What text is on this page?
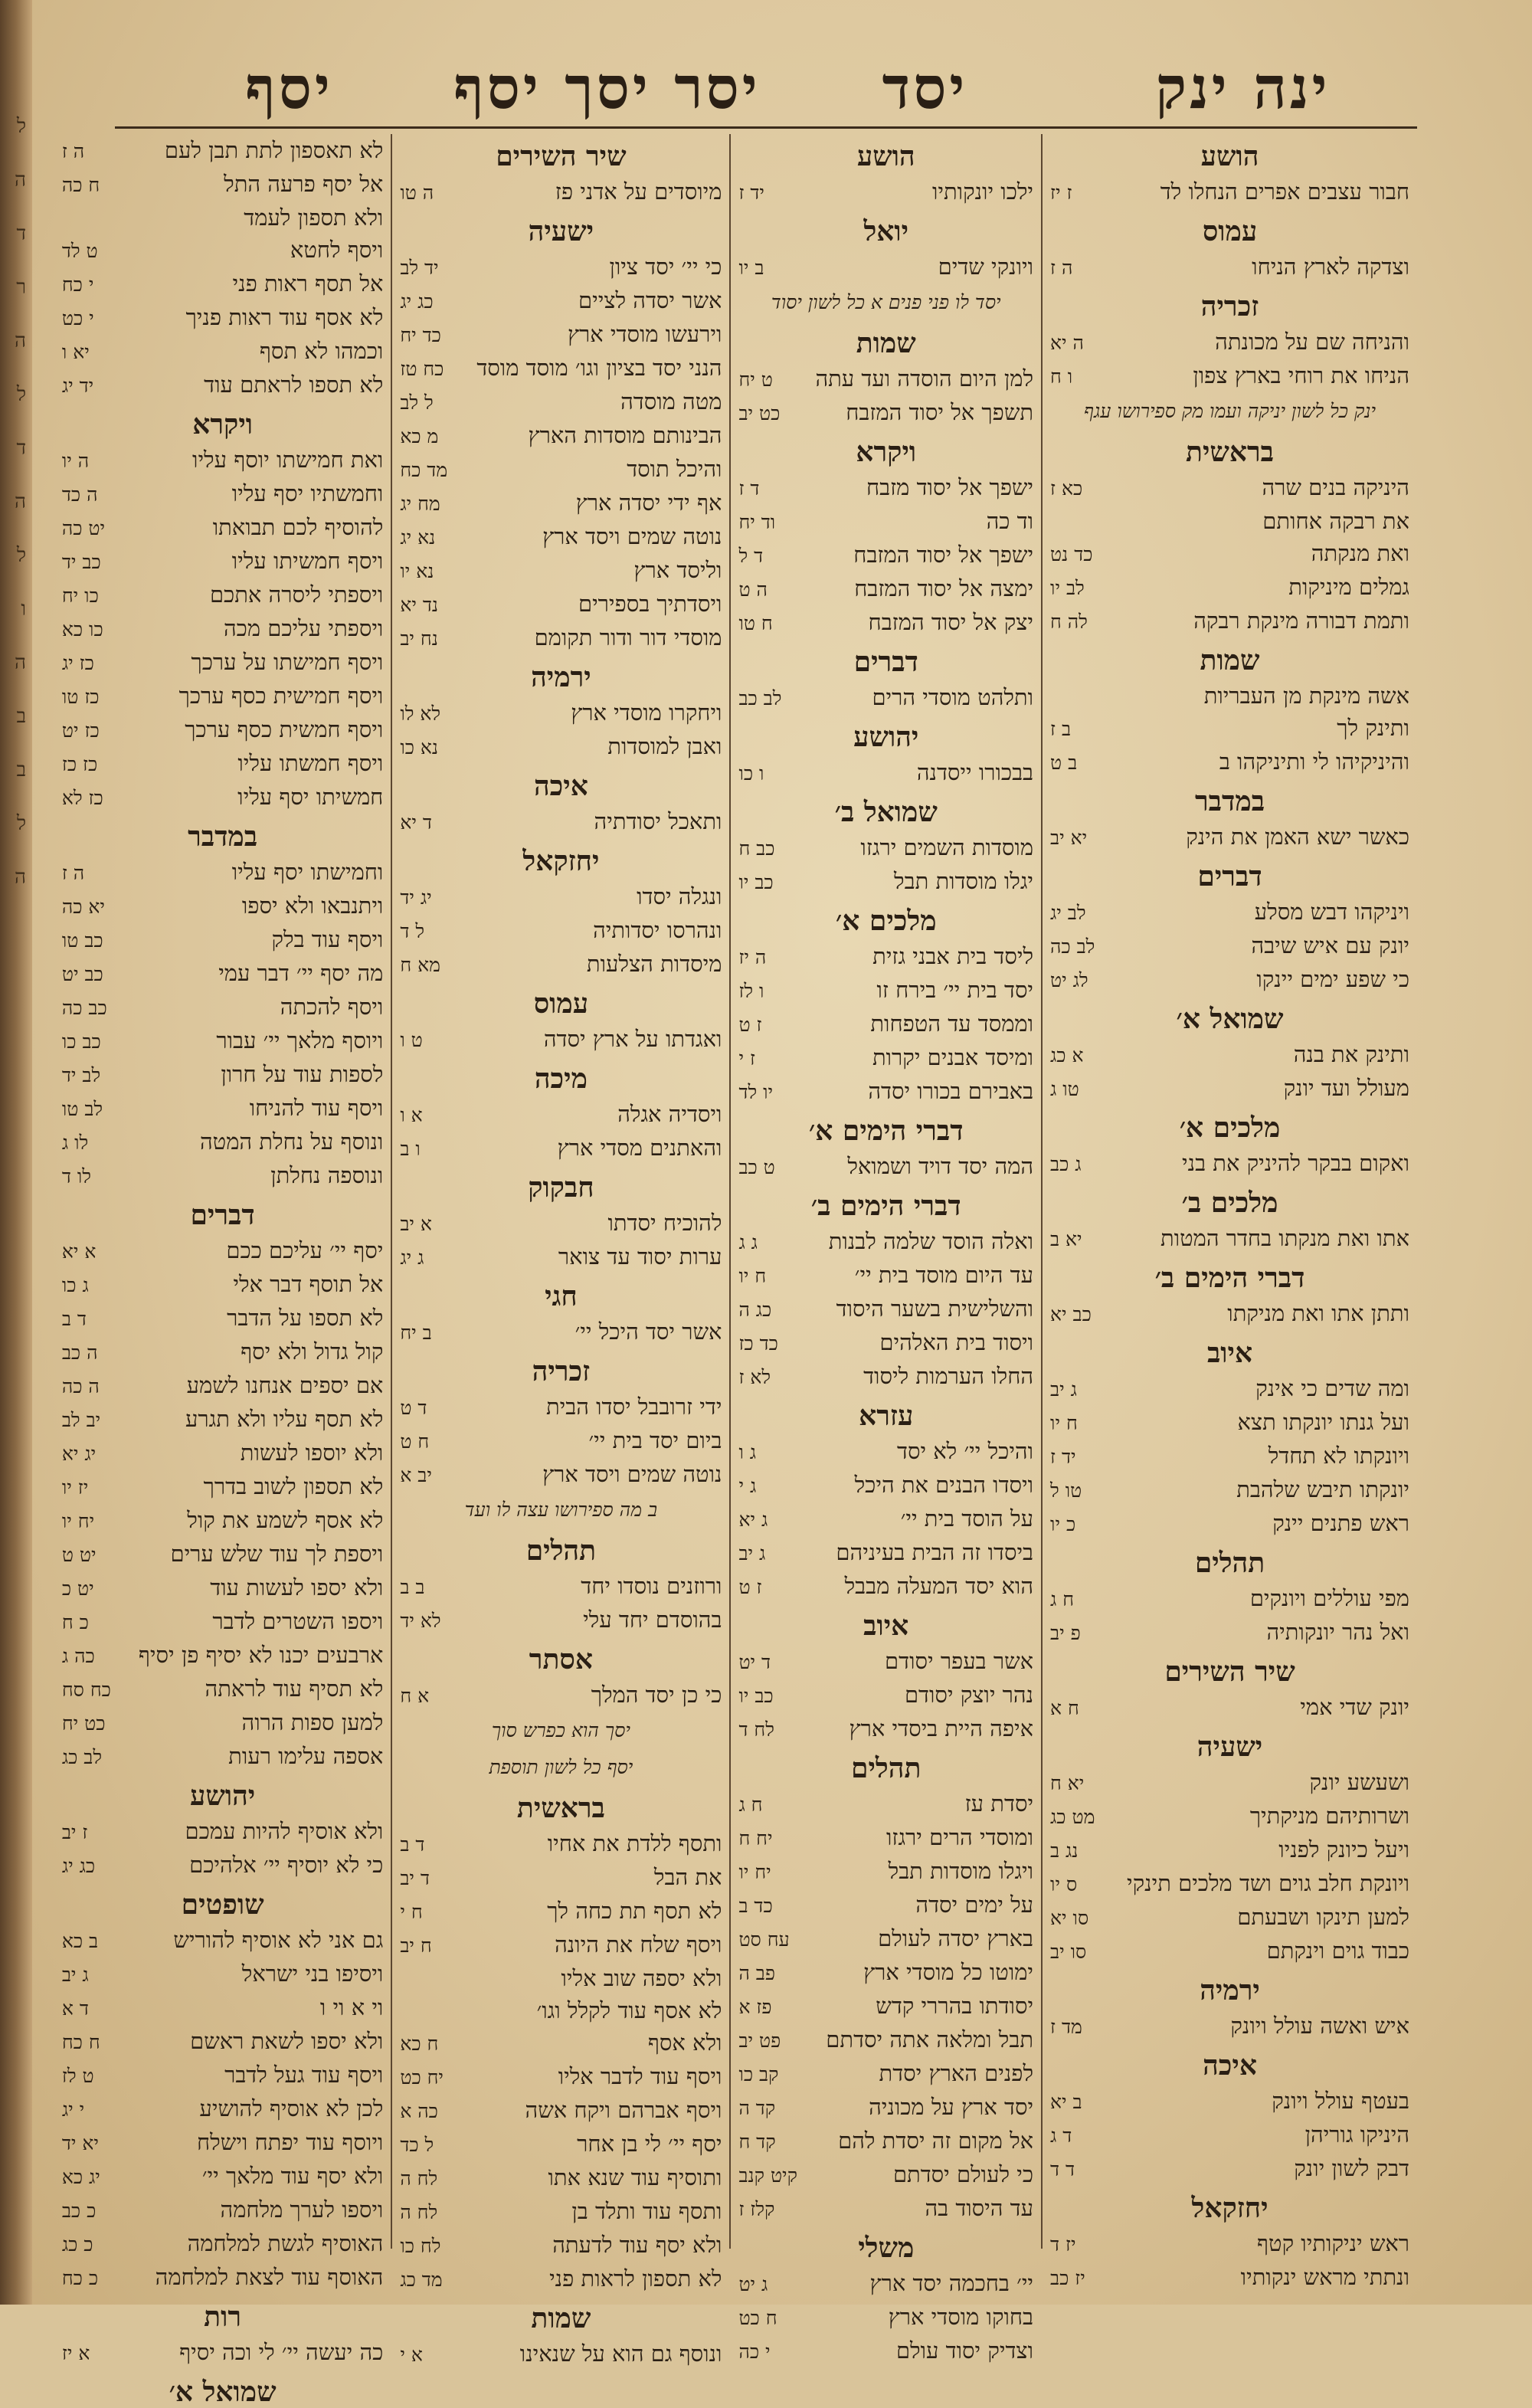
ל
ה
ד
ר
ה
ל
ד
ה
ל
ו
ה
ב
ב
ל
ה
ינה ינק
יסד
יסר יסך יסף
יסף
הושע
חבור עצבים אפרים הנחלו לד
ז יז
עמוס
וצדקה לארץ הניחו
ה ז
זכריה
והניחה שם על מכונתה
ה יא
הניחו את רוחי בארץ צפון
ו ח
ינק כל לשון יניקה ועמו מק ספירושו עגף
בראשית
היניקה בנים שרה
כא ז
את רבקה אחותם
ואת מנקתה
כד נט
גמלים מיניקות
לב יו
ותמת דבורה מינקת רבקה
לה ח
שמות
אשה מינקת מן העבריות
ותינק לך
ב ז
והיניקיהו לי ותיניקהו ב
ב ט
במדבר
כאשר ישא האמן את הינק
יא יב
דברים
ויניקהו דבש מסלע
לב יג
יונק עם איש שיבה
לב כה
כי שפע ימים יינקו
לג יט
שמואל א׳
ותינק את בנה
א כג
מעולל ועד יונק
טו ג
מלכים א׳
ואקום בבקר להיניק את בני
ג כב
מלכים ב׳
אתו ואת מנקתו בחדר המטות
יא ב
דברי הימים ב׳
ותתן אתו ואת מניקתו
כב יא
איוב
ומה שדים כי אינק
ג יב
ועל גנתו יונקתו תצא
ח יו
ויונקתו לא תחדל
יד ז
יונקתו תיבש שלהבת
טו ל
ראש פתנים יינק
כ יו
תהלים
מפי עוללים ויונקים
ח ג
ואל נהר יונקותיה
פ יב
שיר השירים
יונק שדי אמי
ח א
ישעיה
ושעשע יונק
יא ח
ושרותיהם מניקתיך
מט כג
ויעל כיונק לפניו
נג ב
ויונקת חלב גוים ושד מלכים תינקי
ס יו
למען תינקו ושבעתם
סו יא
כבוד גוים וינקתם
סו יב
ירמיה
איש ואשה עולל ויונק
מד ז
איכה
בעטף עולל ויונק
ב יא
היניקו גוריהן
ד ג
דבק לשון יונק
ד ד
יחזקאל
ראש יניקותיו קטף
יז ד
ונתתי מראש ינקותיו
יז כב
הושע
ילכו יונקותיו
יד ז
יואל
ויונקי שדים
ב יו
יסד לו פני פנים א כל לשון יסוד
שמות
למן היום הוסדה ועד עתה
ט יח
תשפך אל יסוד המזבח
כט יב
ויקרא
ישפך אל יסוד מזבח
ד ז
וד כה
וד יח
ישפך אל יסוד המזבח
ד ל
ימצה אל יסוד המזבח
ה ט
יצק אל יסוד המזבח
ח טו
דברים
ותלהט מוסדי הרים
לב כב
יהושע
בבכורו ייסדנה
ו כו
שמואל ב׳
מוסדות השמים ירגזו
כב ח
יגלו מוסדות תבל
כב יו
מלכים א׳
ליסד בית אבני גזית
ה יז
יסד בית יי׳ בירח זו
ו לז
וממסד עד הטפחות
ז ט
ומיסד אבנים יקרות
ז י
באבירם בכורו יסדה
יו לד
דברי הימים א׳
המה יסד דויד ושמואל
ט כב
דברי הימים ב׳
ואלה הוסד שלמה לבנות
ג ג
עד היום מוסד בית יי׳
ח יו
והשלישית בשער היסוד
כג ה
ויסוד בית האלהים
כד כז
החלו הערמות ליסוד
לא ז
עזרא
והיכל יי׳ לא יסד
ג ו
ויסדו הבנים את היכל
ג י
על הוסד בית יי׳
ג יא
ביסדו זה הבית בעיניהם
ג יב
הוא יסד המעלה מבבל
ז ט
איוב
אשר בעפר יסודם
ד יט
נהר יוצק יסודם
כב יו
איפה היית ביסדי ארץ
לח ד
תהלים
יסדת עז
ח ג
ומוסדי הרים ירגזו
יח ח
ויגלו מוסדות תבל
יח יו
על ימים יסדה
כד ב
בארץ יסדה לעולם
עח סט
ימוטו כל מוסדי ארץ
פב ה
יסודתו בהררי קדש
פז א
תבל ומלאה אתה יסדתם
פט יב
לפנים הארץ יסדת
קב כו
יסד ארץ על מכוניה
קד ה
אל מקום זה יסדת להם
קד ח
כי לעולם יסדתם
קיט קנב
עד היסוד בה
קלז ז
משלי
יי׳ בחכמה יסד ארץ
ג יט
בחוקו מוסדי ארץ
ח כט
וצדיק יסוד עולם
י כה
שיר השירים
מיוסדים על אדני פז
ה טו
ישעיה
כי יי׳ יסד ציון
יד לב
אשר יסדה לציים
כג יג
וירעשו מוסדי ארץ
כד יח
הנני יסד בציון וגו׳ מוסד מוסד
כח טז
מטה מוסדה
ל לב
הבינותם מוסדות הארץ
מ כא
והיכל תוסד
מד כח
אף ידי יסדה ארץ
מח יג
נוטה שמים ויסד ארץ
נא יג
וליסד ארץ
נא יו
ויסדתיך בספירים
נד יא
מוסדי דור ודור תקומם
נח יב
ירמיה
ויחקרו מוסדי ארץ
לא לו
ואבן למוסדות
נא כו
איכה
ותאכל יסודתיה
ד יא
יחזקאל
ונגלה יסדו
יג יד
ונהרסו יסדותיה
ל ד
מיסדות הצלעות
מא ח
עמוס
ואגדתו על ארץ יסדה
ט ו
מיכה
ויסדיה אגלה
א ו
והאתנים מסדי ארץ
ו ב
חבקוק
להוכיח יסדתו
א יב
ערות יסוד עד צואר
ג יג
חגי
אשר יסד היכל יי׳
ב יח
זכריה
ידי זרובבל יסדו הבית
ד ט
ביום יסד בית יי׳
ח ט
נוטה שמים ויסד ארץ
יב א
ב מה ספירושו עצה לו ועד
תהלים
ורוזנים נוסדו יחד
ב ב
בהוסדם יחד עלי
לא יד
אסתר
כי כן יסד המלך
א ח
יסך הוא כפרש סוך
יסף כל לשון תוספת
בראשית
ותסף ללדת את אחיו
ד ב
את הבל
ד יב
לא תסף תת כחה לך
ח י
ויסף שלח את היונה
ח יב
ולא יספה שוב אליו
לא אסף עוד לקלל וגו׳
ולא אסף
ח כא
ויסף עוד לדבר אליו
יח כט
ויסף אברהם ויקח אשה
כה א
יסף יי׳ לי בן אחר
ל כד
ותוסיף עוד שנא אתו
לח ה
ותסף עוד ותלד בן
לח ה
ולא יסף עוד לדעתה
לח כו
לא תספון לראות פני
מד כג
שמות
ונוסף גם הוא על שנאינו
א י
לא תאספון לתת תבן לעם
ה ז
אל יסף פרעה התל
ח כה
ולא תספון לעמד
ויסף לחטא
ט לד
אל תסף ראות פני
י כח
לא אסף עוד ראות פניך
י כט
וכמהו לא תסף
יא ו
לא תספו לראתם עוד
יד יג
ויקרא
ואת חמישתו יוסף עליו
ה יו
וחמשתיו יסף עליו
ה כד
להוסיף לכם תבואתו
יט כה
ויסף חמשיתו עליו
כב יד
ויספתי ליסרה אתכם
כו יח
ויספתי עליכם מכה
כו כא
ויסף חמישתו על ערכך
כז יג
ויסף חמישית כסף ערכך
כז טו
ויסף חמשית כסף ערכך
כז יט
ויסף חמשתו עליו
כז כז
חמשיתו יסף עליו
כז לא
במדבר
וחמישתו יסף עליו
ה ז
ויתנבאו ולא יספו
יא כה
ויסף עוד בלק
כב טו
מה יסף יי׳ דבר עמי
כב יט
ויסף להכתה
כב כה
ויוסף מלאך יי׳ עבור
כב כו
לספות עוד על חרון
לב יד
ויסף עוד להניחו
לב טו
ונוסף על נחלת המטה
לו ג
ונוספה נחלתן
לו ד
דברים
יסף יי׳ עליכם ככם
א יא
אל תוסף דבר אלי
ג כו
לא תספו על הדבר
ד ב
קול גדול ולא יסף
ה כב
אם יספים אנחנו לשמע
ה כה
לא תסף עליו ולא תגרע
יב לב
ולא יוספו לעשות
יג יא
לא תספון לשוב בדרך
יז יו
לא אסף לשמע את קול
יח יו
ויספת לך עוד שלש ערים
יט ט
ולא יספו לעשות עוד
יט כ
ויספו השטרים לדבר
כ ח
ארבעים יכנו לא יסיף פן יסיף
כה ג
לא תסיף עוד לראתה
כח סח
למען ספות הרוה
כט יח
אספה עלימו רעות
לב כג
יהושע
ולא אוסיף להיות עמכם
ז יב
כי לא יוסיף יי׳ אלהיכם
כג יג
שופטים
גם אני לא אוסיף להוריש
ב כא
ויסיפו בני ישראל
ג יב
וי א וי ו
ד א
ולא יספו לשאת ראשם
ח כח
ויסף עוד געל לדבר
ט לז
לכן לא אוסיף להושיע
י יג
ויוסף עוד יפתח וישלח
יא יד
ולא יסף עוד מלאך יי׳
יג כא
ויספו לערך מלחמה
כ כב
האוסיף לגשת למלחמה
כ כג
האוסף עוד לצאת למלחמה
כ כח
רות
כה יעשה יי׳ לי וכה יסיף
א יז
שמואל א׳
